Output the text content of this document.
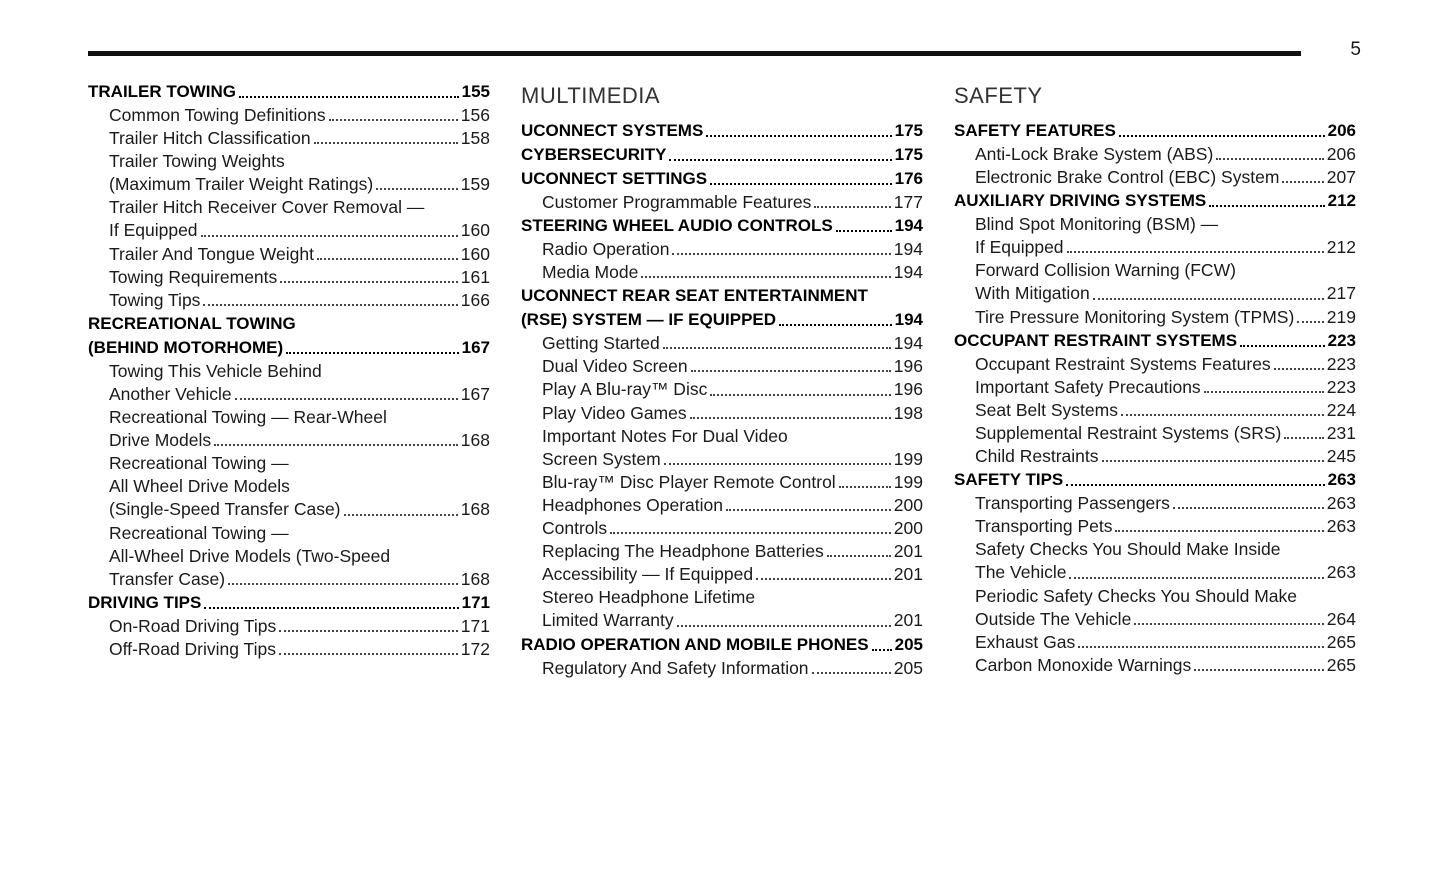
5
TRAILER TOWING	155
Common Towing Definitions	156
Trailer Hitch Classification	158
Trailer Towing Weights
(Maximum Trailer Weight Ratings)	159
Trailer Hitch Receiver Cover Removal —
If Equipped	160
Trailer And Tongue Weight	160
Towing Requirements	161
Towing Tips	166
RECREATIONAL TOWING
(BEHIND MOTORHOME)	167
Towing This Vehicle Behind
Another Vehicle	167
Recreational Towing — Rear-Wheel
Drive Models	168
Recreational Towing —
All Wheel Drive Models
(Single-Speed Transfer Case)	168
Recreational Towing —
All-Wheel Drive Models (Two-Speed
Transfer Case)	168
DRIVING TIPS	171
On-Road Driving Tips	171
Off-Road Driving Tips	172
MULTIMEDIA
UCONNECT SYSTEMS	175
CYBERSECURITY	175
UCONNECT SETTINGS	176
Customer Programmable Features	177
STEERING WHEEL AUDIO CONTROLS	194
Radio Operation	194
Media Mode	194
UCONNECT REAR SEAT ENTERTAINMENT
(RSE) SYSTEM — IF EQUIPPED	194
Getting Started	194
Dual Video Screen	196
Play A Blu-ray™ Disc	196
Play Video Games	198
Important Notes For Dual Video
Screen System	199
Blu-ray™ Disc Player Remote Control	199
Headphones Operation	200
Controls	200
Replacing The Headphone Batteries	201
Accessibility — If Equipped	201
Stereo Headphone Lifetime
Limited Warranty	201
RADIO OPERATION AND MOBILE PHONES 205
Regulatory And Safety Information	205
SAFETY
SAFETY FEATURES	206
Anti-Lock Brake System (ABS)	206
Electronic Brake Control (EBC) System	207
AUXILIARY DRIVING SYSTEMS	212
Blind Spot Monitoring (BSM) —
If Equipped	212
Forward Collision Warning (FCW)
With Mitigation	217
Tire Pressure Monitoring System (TPMS) 219
OCCUPANT RESTRAINT SYSTEMS	223
Occupant Restraint Systems Features	223
Important Safety Precautions	223
Seat Belt Systems	224
Supplemental Restraint Systems (SRS)	231
Child Restraints	245
SAFETY TIPS	263
Transporting Passengers	263
Transporting Pets	263
Safety Checks You Should Make Inside
The Vehicle	263
Periodic Safety Checks You Should Make
Outside The Vehicle	264
Exhaust Gas	265
Carbon Monoxide Warnings	265
